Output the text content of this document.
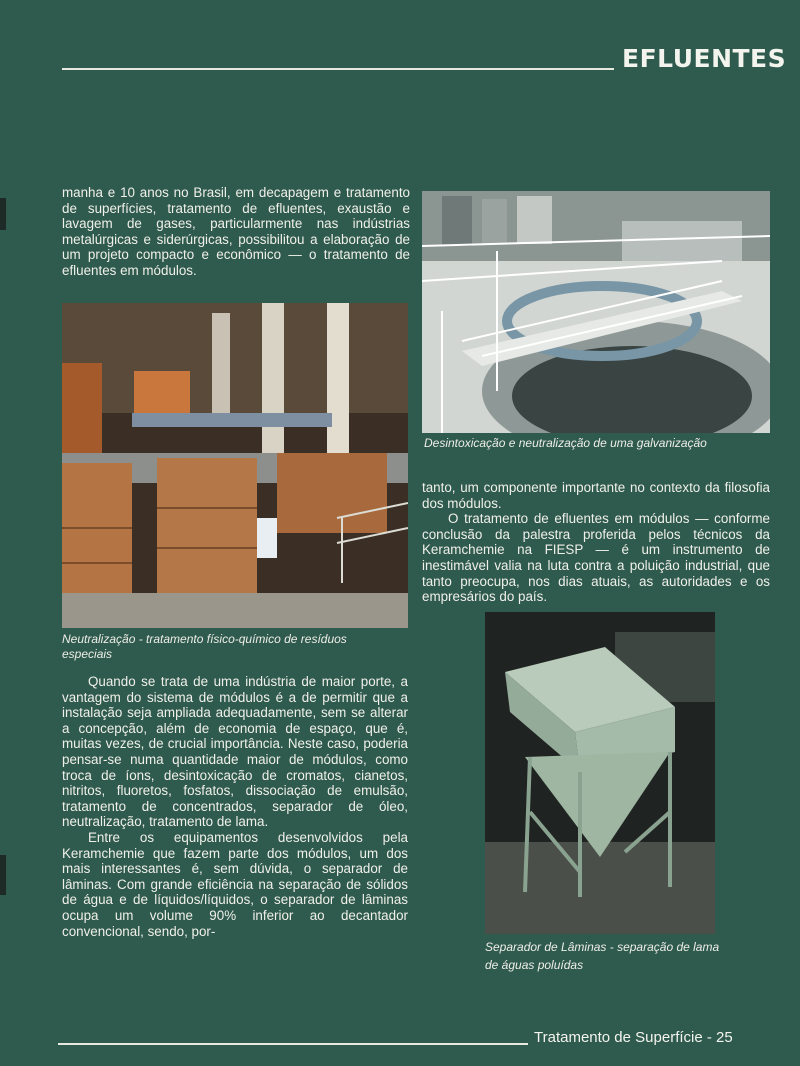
EFLUENTES

manha e 10 anos no Brasil, em decapagem e tratamento de superfícies, tratamento de efluentes, exaustão e lavagem de gases, particularmente nas indústrias metalúrgicas e siderúrgicas, possibilitou a elaboração de um projeto compacto e econômico — o tratamento de efluentes em módulos.

Desintoxicação e neutralização de uma galvanização
Neutralização - tratamento físico-químico de resíduos especiais

Quando se trata de uma indústria de maior porte, a vantagem do sistema de módulos é a de permitir que a instalação seja ampliada adequadamente, sem se alterar a concepção, além de economia de espaço, que é, muitas vezes, de crucial importância. Neste caso, poderia pensar-se numa quantidade maior de módulos, como troca de íons, desintoxicação de cromatos, cianetos, nitritos, fluoretos, fosfatos, dissociação de emulsão, tratamento de concentrados, separador de óleo, neutralização, tratamento de lama.

Entre os equipamentos desenvolvidos pela Keramchemie que fazem parte dos módulos, um dos mais interessantes é, sem dúvida, o separador de lâminas. Com grande eficiência na separação de sólidos de água e de líquidos/líquidos, o separador de lâminas ocupa um volume 90% inferior ao decantador convencional, sendo, por-

tanto, um componente importante no contexto da filosofia dos módulos.

O tratamento de efluentes em módulos — conforme conclusão da palestra proferida pelos técnicos da Keramchemie na FIESP — é um instrumento de inestimável valia na luta contra a poluição industrial, que tanto preocupa, nos dias atuais, as autoridades e os empresários do país.

Separador de Lâminas - separação de lama de águas poluídas
Tratamento de Superfície - 25
